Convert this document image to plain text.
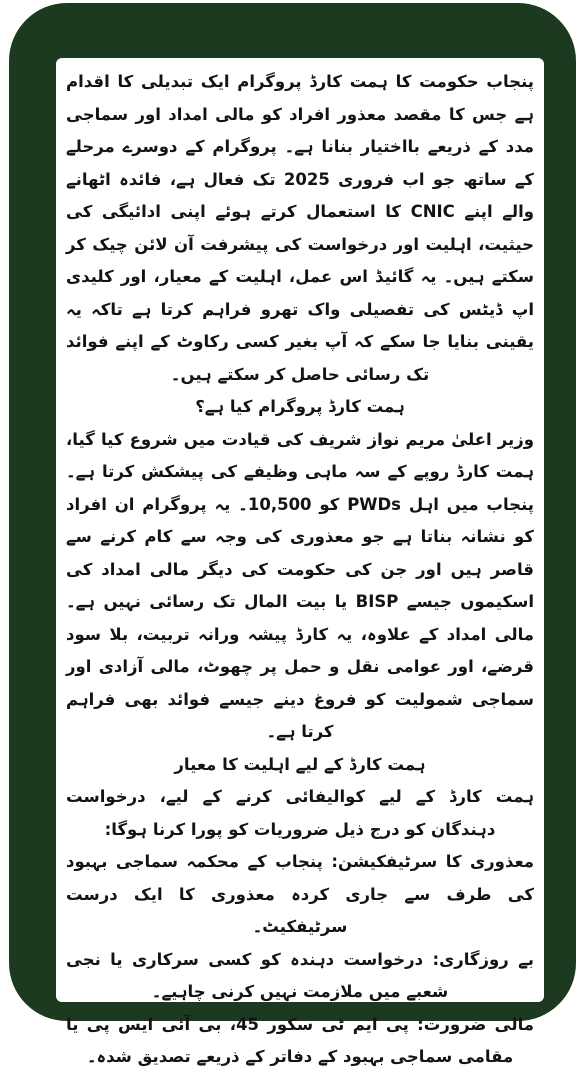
پنجاب حکومت کا ہمت کارڈ پروگرام ایک تبدیلی کا اقدام ہے جس کا مقصد معذور افراد کو مالی امداد اور سماجی مدد کے ذریعے بااختیار بنانا ہے۔ پروگرام کے دوسرے مرحلے کے ساتھ جو اب فروری 2025 تک فعال ہے، فائدہ اٹھانے والے اپنے CNIC کا استعمال کرتے ہوئے اپنی ادائیگی کی حیثیت، اہلیت اور درخواست کی پیشرفت آن لائن چیک کر سکتے ہیں۔ یہ گائیڈ اس عمل، اہلیت کے معیار، اور کلیدی اپ ڈیٹس کی تفصیلی واک تھرو فراہم کرتا ہے تاکہ یہ یقینی بنایا جا سکے کہ آپ بغیر کسی رکاوٹ کے اپنے فوائد تک رسائی حاصل کر سکتے ہیں۔

ہمت کارڈ پروگرام کیا ہے؟

وزیر اعلیٰ مریم نواز شریف کی قیادت میں شروع کیا گیا، ہمت کارڈ روپے کے سہ ماہی وظیفے کی پیشکش کرتا ہے۔ پنجاب میں اہل PWDs کو 10,500۔ یہ پروگرام ان افراد کو نشانہ بناتا ہے جو معذوری کی وجہ سے کام کرنے سے قاصر ہیں اور جن کی حکومت کی دیگر مالی امداد کی اسکیموں جیسے BISP یا بیت المال تک رسائی نہیں ہے۔ مالی امداد کے علاوہ، یہ کارڈ پیشہ ورانہ تربیت، بلا سود قرضے، اور عوامی نقل و حمل پر چھوٹ، مالی آزادی اور سماجی شمولیت کو فروغ دینے جیسے فوائد بھی فراہم کرتا ہے۔

ہمت کارڈ کے لیے اہلیت کا معیار

ہمت کارڈ کے لیے کوالیفائی کرنے کے لیے، درخواست دہندگان کو درج ذیل ضروریات کو پورا کرنا ہوگا:

معذوری کا سرٹیفکیشن: پنجاب کے محکمہ سماجی بہبود کی طرف سے جاری کردہ معذوری کا ایک درست سرٹیفکیٹ۔

بے روزگاری: درخواست دہندہ کو کسی سرکاری یا نجی شعبے میں ملازمت نہیں کرنی چاہیے۔

مالی ضرورت: پی ایم ٹی سکور 45، بی آئی ایس پی یا مقامی سماجی بہبود کے دفاتر کے ذریعے تصدیق شدہ۔
